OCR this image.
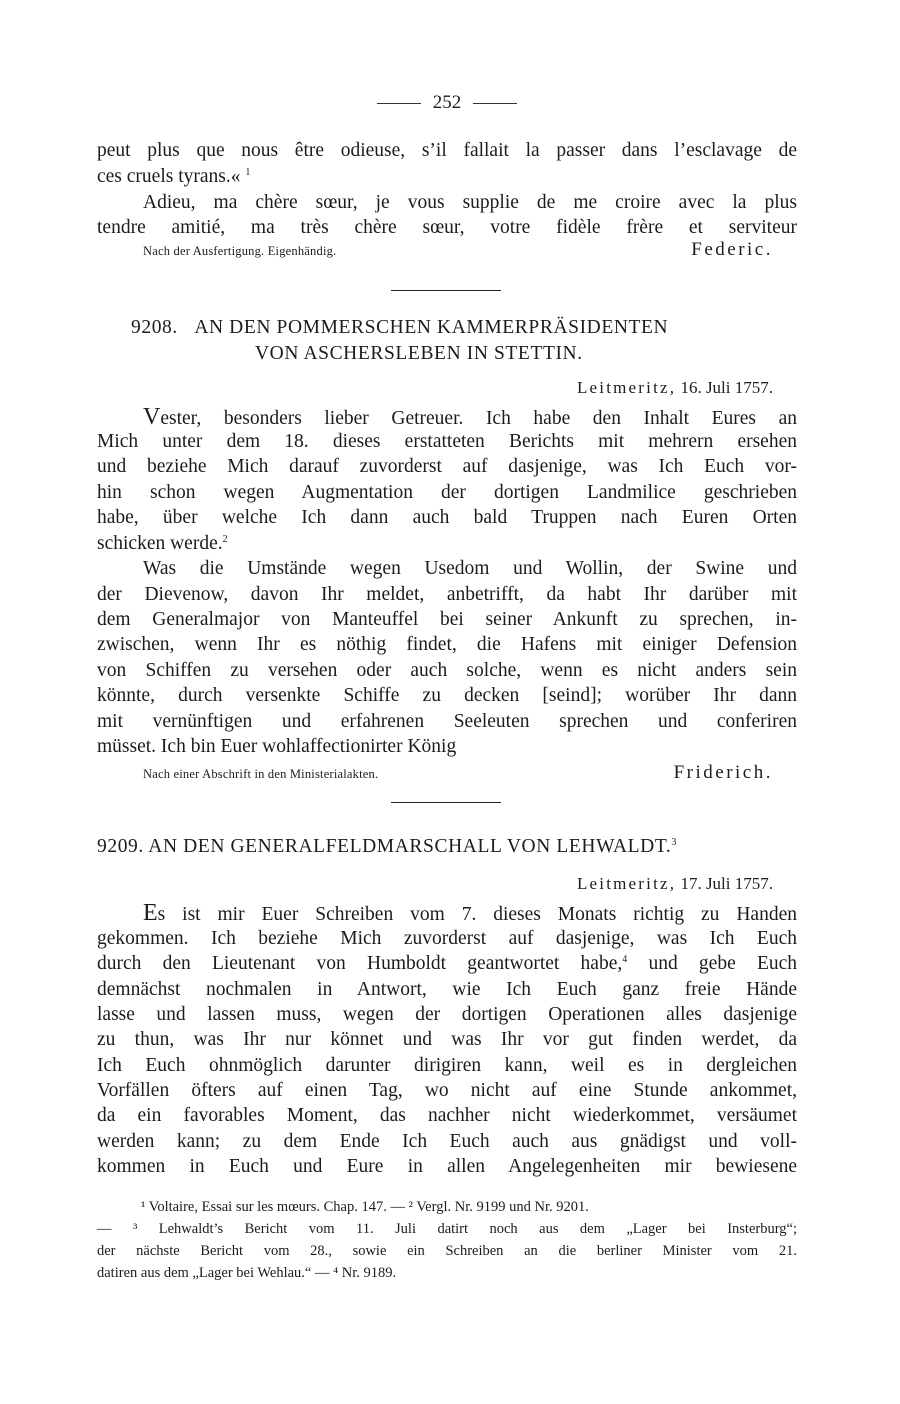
252
peut plus que nous être odieuse, s’il fallait la passer dans l’esclavage de
ces cruels tyrans.« $^1$
Adieu, ma chère sœur, je vous supplie de me croire avec la plus
tendre amitié, ma très chère sœur, votre fidèle frère et serviteur
Nach der Ausfertigung. Eigenhändig.	Federic.
9208. AN DEN POMMERSCHEN KAMMERPRÄSIDENTEN
VON ASCHERSLEBEN IN STETTIN.
Leitmeritz, 16. Juli 1757.
Vester, besonders lieber Getreuer. Ich habe den Inhalt Eures an
Mich unter dem 18. dieses erstatteten Berichts mit mehrern ersehen
und beziehe Mich darauf zuvorderst auf dasjenige, was Ich Euch vor-
hin schon wegen Augmentation der dortigen Landmilice geschrieben
habe, über welche Ich dann auch bald Truppen nach Euren Orten
schicken werde.$^2$
Was die Umstände wegen Usedom und Wollin, der Swine und
der Dievenow, davon Ihr meldet, anbetrifft, da habt Ihr darüber mit
dem Generalmajor von Manteuffel bei seiner Ankunft zu sprechen, in-
zwischen, wenn Ihr es nöthig findet, die Hafens mit einiger Defension
von Schiffen zu versehen oder auch solche, wenn es nicht anders sein
könnte, durch versenkte Schiffe zu decken [seind]; worüber Ihr dann
mit vernünftigen und erfahrenen Seeleuten sprechen und conferiren
müsset. Ich bin Euer wohlaffectionirter König
Nach einer Abschrift in den Ministerialakten.	Friderich.
9209. AN DEN GENERALFELDMARSCHALL VON LEHWALDT.$^3$
Leitmeritz, 17. Juli 1757.
Es ist mir Euer Schreiben vom 7. dieses Monats richtig zu Handen
gekommen. Ich beziehe Mich zuvorderst auf dasjenige, was Ich Euch
durch den Lieutenant von Humboldt geantwortet habe,$^4$ und gebe Euch
demnächst nochmalen in Antwort, wie Ich Euch ganz freie Hände
lasse und lassen muss, wegen der dortigen Operationen alles dasjenige
zu thun, was Ihr nur könnet und was Ihr vor gut finden werdet, da
Ich Euch ohnmöglich darunter dirigiren kann, weil es in dergleichen
Vorfällen öfters auf einen Tag, wo nicht auf eine Stunde ankommet,
da ein favorables Moment, das nachher nicht wiederkommet, versäumet
werden kann; zu dem Ende Ich Euch auch aus gnädigst und voll-
kommen in Euch und Eure in allen Angelegenheiten mir bewiesene
¹ Voltaire, Essai sur les mœurs. Chap. 147. — ² Vergl. Nr. 9199 und Nr. 9201.
— ³ Lehwaldt’s Bericht vom 11. Juli datirt noch aus dem „Lager bei Insterburg“;
der nächste Bericht vom 28., sowie ein Schreiben an die berliner Minister vom 21.
datiren aus dem „Lager bei Wehlau.“ — ⁴ Nr. 9189.
